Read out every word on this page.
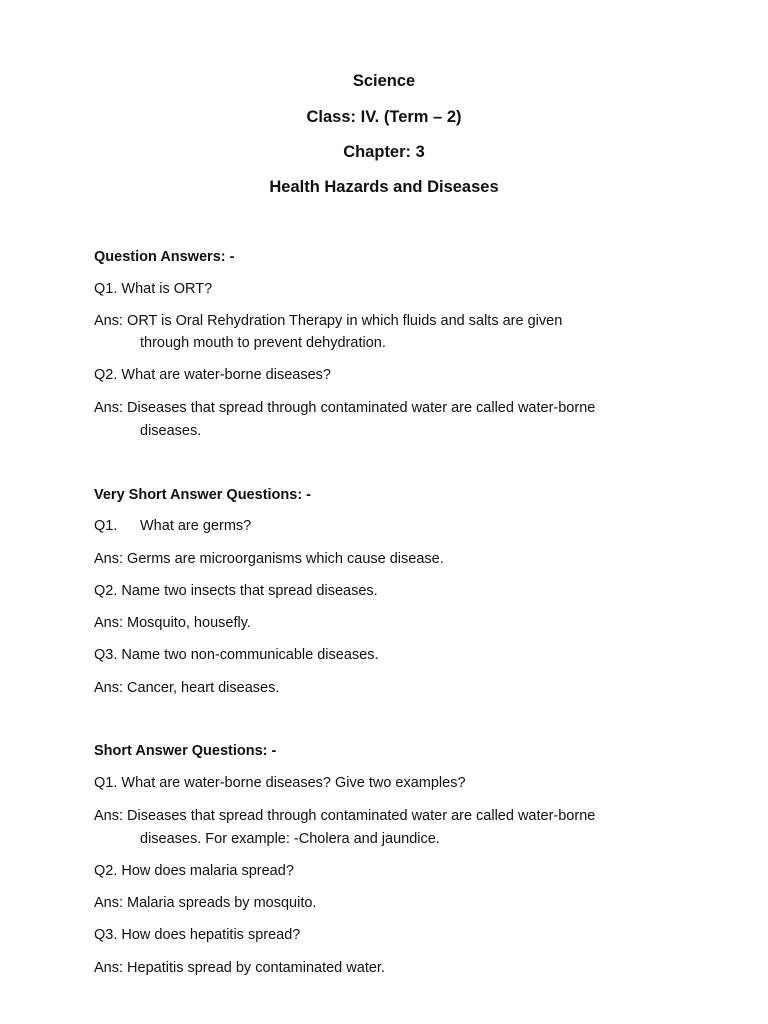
Science
Class: IV. (Term – 2)
Chapter: 3
Health Hazards and Diseases
Question Answers: -
Q1. What is ORT?
Ans: ORT is Oral Rehydration Therapy in which fluids and salts are given
through mouth to prevent dehydration.
Q2. What are water-borne diseases?
Ans: Diseases that spread through contaminated water are called water-borne
diseases.
Very Short Answer Questions: -
Q1. What are germs?
Ans: Germs are microorganisms which cause disease.
Q2. Name two insects that spread diseases.
Ans: Mosquito, housefly.
Q3. Name two non-communicable diseases.
Ans: Cancer, heart diseases.
Short Answer Questions: -
Q1. What are water-borne diseases? Give two examples?
Ans: Diseases that spread through contaminated water are called water-borne
diseases. For example: -Cholera and jaundice.
Q2. How does malaria spread?
Ans: Malaria spreads by mosquito.
Q3. How does hepatitis spread?
Ans: Hepatitis spread by contaminated water.
